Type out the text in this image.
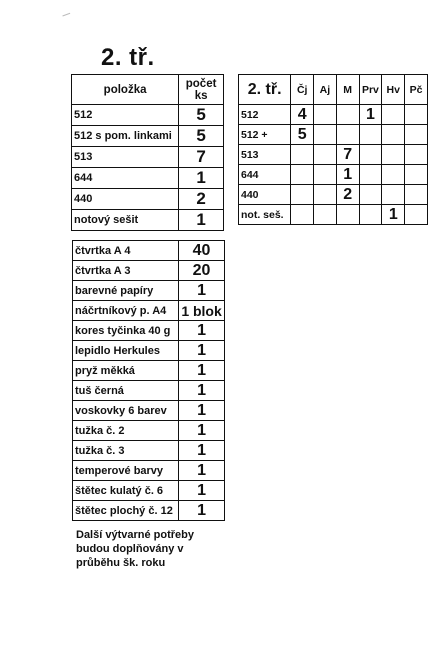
2. tř.
položka	počet ks
512	5
512 s pom. linkami	5
513	7
644	1
440	2
notový sešit	1
2. tř.	Čj	Aj	M	Prv	Hv	Pč
512	4			1		
512 +	5					
513			7			
644			1			
440			2			
not. seš.					1	
čtvrtka A 4	40
čtvrtka A 3	20
barevné papíry	1
náčrtníkový p. A4	1 blok
kores tyčinka 40 g	1
lepidlo Herkules	1
pryž měkká	1
tuš černá	1
voskovky 6 barev	1
tužka č. 2	1
tužka č. 3	1
temperové barvy	1
štětec kulatý č. 6	1
štětec plochý č. 12	1
Další výtvarné potřeby budou doplňovány v průběhu šk. roku
